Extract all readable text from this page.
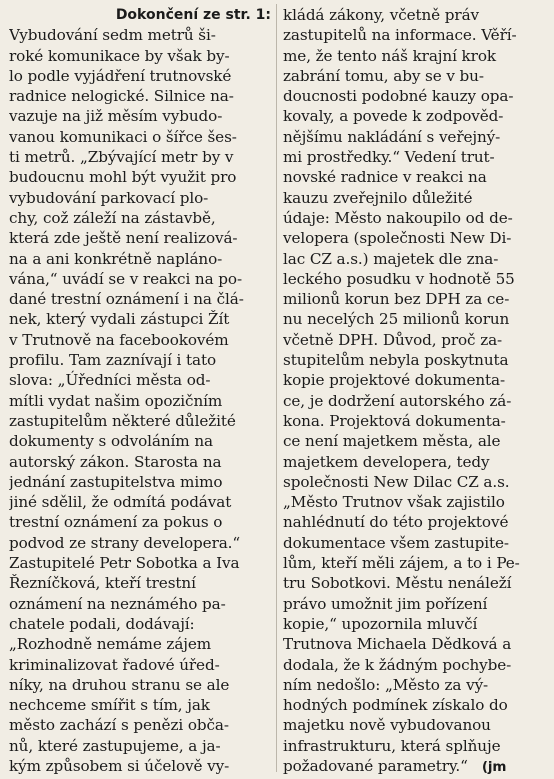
Dokončení ze str. 1:
Vybudování sedm metrů ši-
roké komunikace by však by-
lo podle vyjádření trutnovské
radnice nelogické. Silnice na-
vazuje na již měsím vybudo-
vanou komunikaci o šířce šes-
ti metrů. „Zbývající metr by v
budoucnu mohl být využit pro
vybudování parkovací plo-
chy, což záleží na zástavbě,
která zde ještě není realizová-
na a ani konkrétně napláno-
vána,“ uvádí se v reakci na po-
dané trestní oznámení i na člá-
nek, který vydali zástupci Žít
v Trutnově na facebookovém
profilu. Tam zaznívají i tato
slova: „Úředníci města od-
mítli vydat našim opozičním
zastupitelům některé důležité
dokumenty s odvoláním na
autorský zákon. Starosta na
jednání zastupitelstva mimo
jiné sdělil, že odmítá podávat
trestní oznámení za pokus o
podvod ze strany developera.“
Zastupitelé Petr Sobotka a Iva
Řezníčková, kteří trestní
oznámení na neznámého pa-
chatele podali, dodávají:
„Rozhodně nemáme zájem
kriminalizovat řadové úřed-
níky, na druhou stranu se ale
nechceme smířit s tím, jak
město zachází s penězi obča-
nů, které zastupujeme, a ja-
kým způsobem si účelově vy-
kládá zákony, včetně práv
zastupitelů na informace. Věří-
me, že tento náš krajní krok
zabrání tomu, aby se v bu-
doucnosti podobné kauzy opa-
kovaly, a povede k zodpověd-
nějšímu nakládání s veřejný-
mi prostředky.“ Vedení trut-
novské radnice v reakci na
kauzu zveřejnilo důležité
údaje: Město nakoupilo od de-
velopera (společnosti New Di-
lac CZ a.s.) majetek dle zna-
leckého posudku v hodnotě 55
milionů korun bez DPH za ce-
nu necelých 25 milionů korun
včetně DPH. Důvod, proč za-
stupitelům nebyla poskytnuta
kopie projektové dokumenta-
ce, je dodržení autorského zá-
kona. Projektová dokumenta-
ce není majetkem města, ale
majetkem developera, tedy
společnosti New Dilac CZ a.s.
„Město Trutnov však zajistilo
nahlédnutí do této projektové
dokumentace všem zastupite-
lům, kteří měli zájem, a to i Pe-
tru Sobotkovi. Městu nenáleží
právo umožnit jim pořízení
kopie,“ upozornila mluvčí
Trutnova Michaela Dědková a
dodala, že k žádným pochybe-
ním nedošlo: „Město za vý-
hodných podmínek získalo do
majetku nově vybudovanou
infrastrukturu, která splňuje
požadované parametry.“ (jm
